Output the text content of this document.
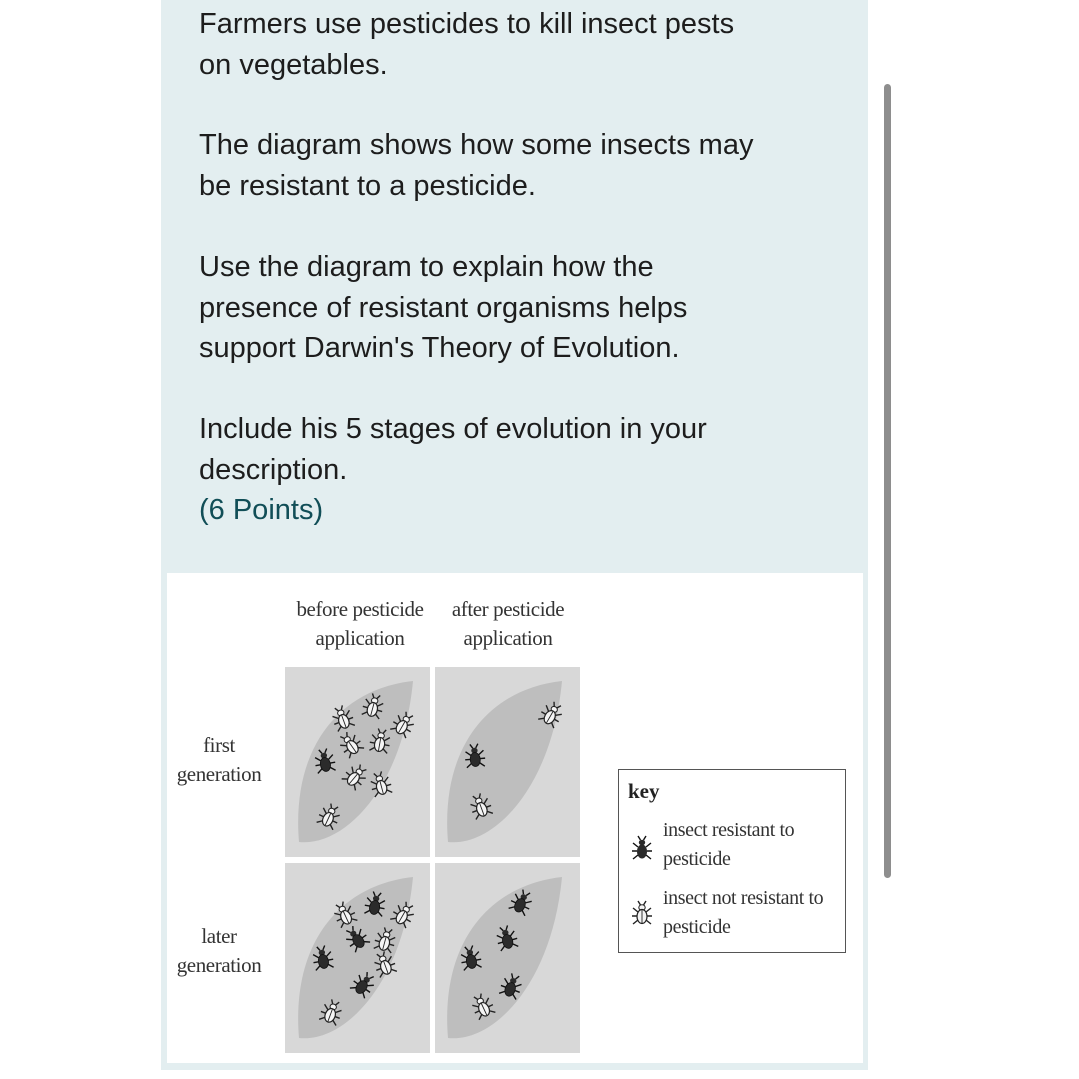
Farmers use pesticides to kill insect pests
on vegetables.

The diagram shows how some insects may
be resistant to a pesticide.

Use the diagram to explain how the
presence of resistant organisms helps
support Darwin's Theory of Evolution.

Include his 5 stages of evolution in your
description.
(6 Points)

before pesticide
application
after pesticide
application
first
generation
later
generation
key
insect resistant to
pesticide
insect not resistant to
pesticide
